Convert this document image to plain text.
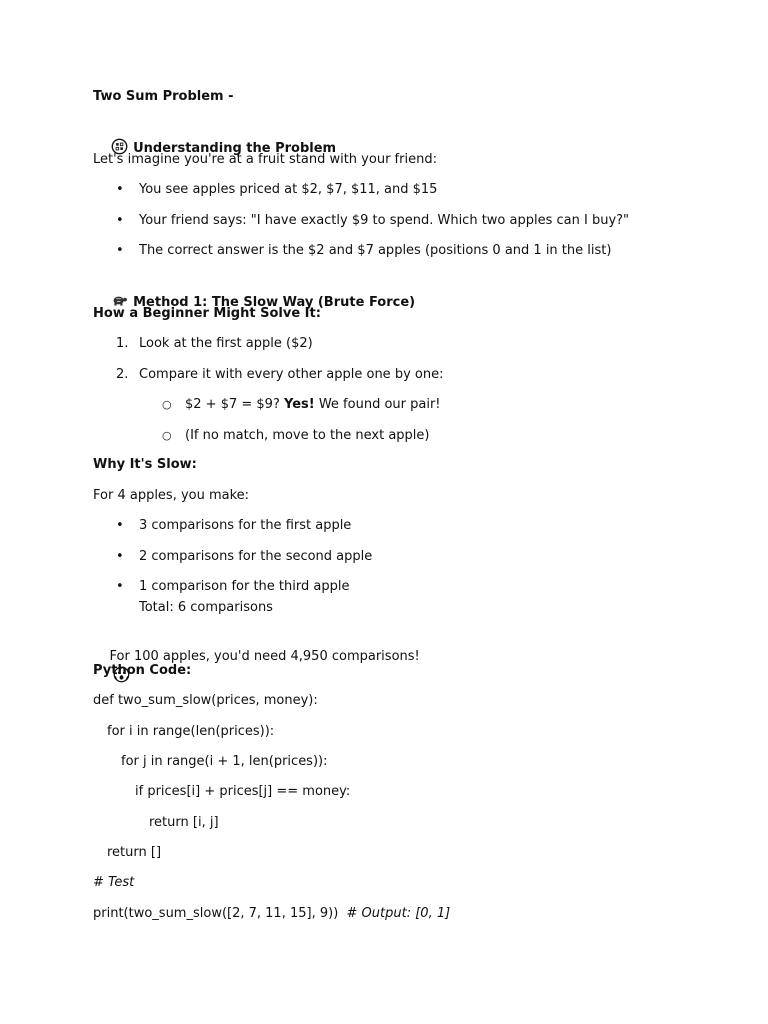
Two Sum Problem -

Understanding the Problem

Let's imagine you're at a fruit stand with your friend:
• You see apples priced at $2, $7, $11, and $15
• Your friend says: "I have exactly $9 to spend. Which two apples can I buy?"
• The correct answer is the $2 and $7 apples (positions 0 and 1 in the list)

Method 1: The Slow Way (Brute Force)

How a Beginner Might Solve It:
1. Look at the first apple ($2)
2. Compare it with every other apple one by one:
○ $2 + $7 = $9? Yes! We found our pair!
○ (If no match, move to the next apple)
Why It's Slow:
For 4 apples, you make:
• 3 comparisons for the first apple
• 2 comparisons for the second apple
• 1 comparison for the third apple
Total: 6 comparisons

For 100 apples, you'd need 4,950 comparisons!

Python Code:
def two_sum_slow(prices, money):
for i in range(len(prices)):
for j in range(i + 1, len(prices)):
if prices[i] + prices[j] == money:
return [i, j]
return []
# Test
print(two_sum_slow([2, 7, 11, 15], 9))  # Output: [0, 1]
